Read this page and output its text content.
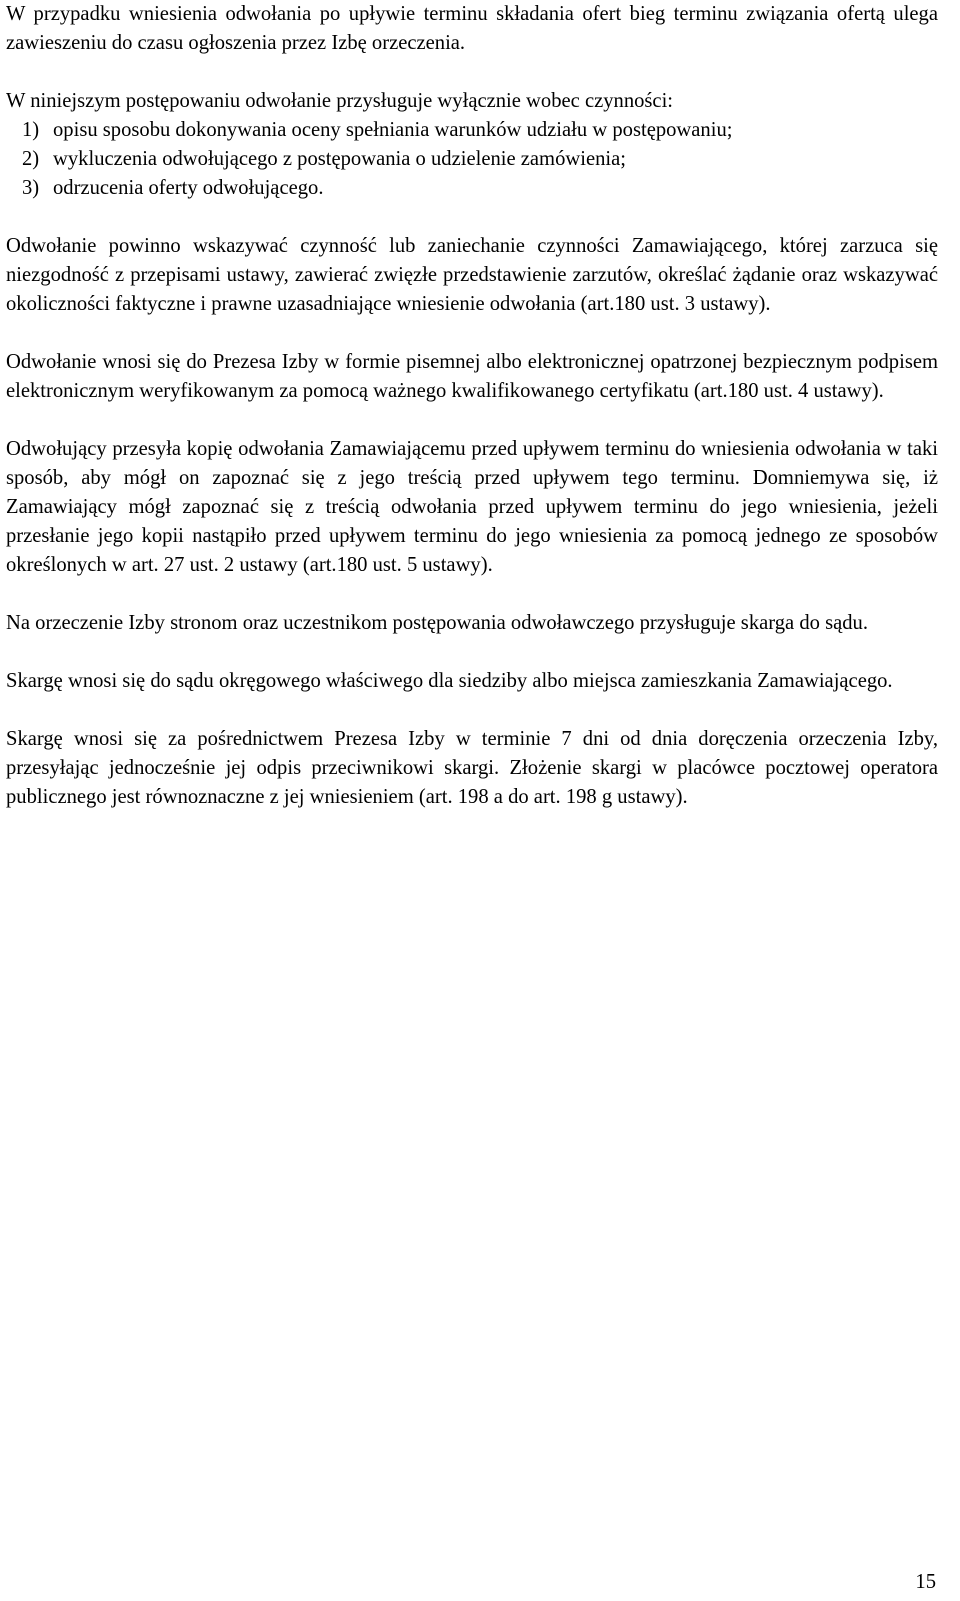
W przypadku wniesienia odwołania po upływie terminu składania ofert bieg terminu związania ofertą ulega zawieszeniu do czasu ogłoszenia przez Izbę orzeczenia.

W niniejszym postępowaniu odwołanie przysługuje wyłącznie wobec czynności:

1) opisu sposobu dokonywania oceny spełniania warunków udziału w postępowaniu;
2) wykluczenia odwołującego z postępowania o udzielenie zamówienia;
3) odrzucenia oferty odwołującego.

Odwołanie powinno wskazywać czynność lub zaniechanie czynności Zamawiającego, której zarzuca się niezgodność z przepisami ustawy, zawierać zwięzłe przedstawienie zarzutów, określać żądanie oraz wskazywać okoliczności faktyczne i prawne uzasadniające wniesienie odwołania (art.180 ust. 3 ustawy).

Odwołanie wnosi się do Prezesa Izby w formie pisemnej albo elektronicznej opatrzonej bezpiecznym podpisem elektronicznym weryfikowanym za pomocą ważnego kwalifikowanego certyfikatu (art.180 ust. 4 ustawy).

Odwołujący przesyła kopię odwołania Zamawiającemu przed upływem terminu do wniesienia odwołania w taki sposób, aby mógł on zapoznać się z jego treścią przed upływem tego terminu. Domniemywa się, iż Zamawiający mógł zapoznać się z treścią odwołania przed upływem terminu do jego wniesienia, jeżeli przesłanie jego kopii nastąpiło przed upływem terminu do jego wniesienia za pomocą jednego ze sposobów określonych w art. 27 ust. 2 ustawy (art.180 ust. 5 ustawy).

Na orzeczenie Izby stronom oraz uczestnikom postępowania odwoławczego przysługuje skarga do sądu.

Skargę wnosi się do sądu okręgowego właściwego dla siedziby albo miejsca zamieszkania Zamawiającego.

Skargę wnosi się za pośrednictwem Prezesa Izby w terminie 7 dni od dnia doręczenia orzeczenia Izby, przesyłając jednocześnie jej odpis przeciwnikowi skargi. Złożenie skargi w placówce pocztowej operatora publicznego jest równoznaczne z jej wniesieniem (art. 198 a do art. 198 g ustawy).

15
